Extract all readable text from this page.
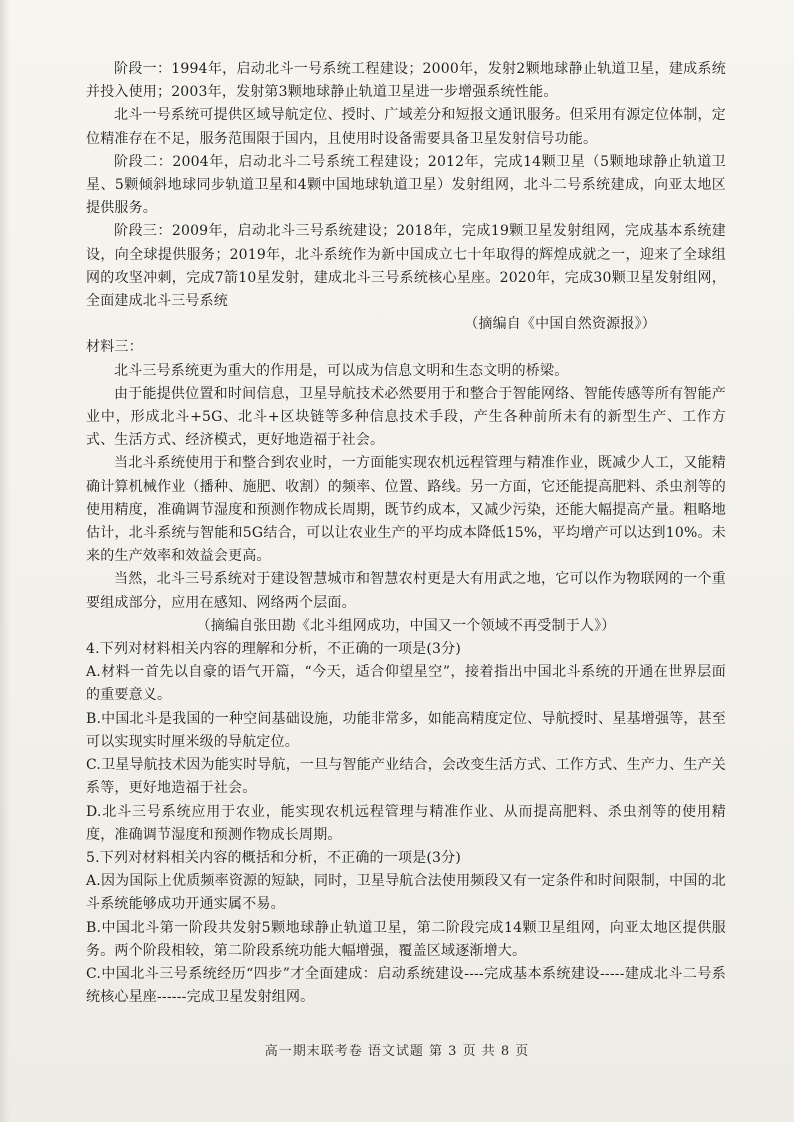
阶段一：1994年，启动北斗一号系统工程建设；2000年，发射2颗地球静止轨道卫星，建成系统并投入使用；2003年，发射第3颗地球静止轨道卫星进一步增强系统性能。

北斗一号系统可提供区域导航定位、授时、广域差分和短报文通讯服务。但采用有源定位体制，定位精准存在不足，服务范围限于国内，且使用时设备需要具备卫星发射信号功能。

阶段二：2004年，启动北斗二号系统工程建设；2012年，完成14颗卫星（5颗地球静止轨道卫星、5颗倾斜地球同步轨道卫星和4颗中国地球轨道卫星）发射组网，北斗二号系统建成，向亚太地区提供服务。

阶段三：2009年，启动北斗三号系统建设；2018年，完成19颗卫星发射组网，完成基本系统建设，向全球提供服务；2019年，北斗系统作为新中国成立七十年取得的辉煌成就之一，迎来了全球组网的攻坚冲刺，完成7箭10星发射，建成北斗三号系统核心星座。2020年，完成30颗卫星发射组网，全面建成北斗三号系统

（摘编自《中国自然资源报》）

材料三：

北斗三号系统更为重大的作用是，可以成为信息文明和生态文明的桥梁。

由于能提供位置和时间信息，卫星导航技术必然要用于和整合于智能网络、智能传感等所有智能产业中，形成北斗+5G、北斗+区块链等多种信息技术手段，产生各种前所未有的新型生产、工作方式、生活方式、经济模式，更好地造福于社会。

当北斗系统使用于和整合到农业时，一方面能实现农机远程管理与精准作业，既减少人工，又能精确计算机械作业（播种、施肥、收割）的频率、位置、路线。另一方面，它还能提高肥料、杀虫剂等的使用精度，准确调节湿度和预测作物成长周期，既节约成本，又减少污染，还能大幅提高产量。粗略地估计，北斗系统与智能和5G结合，可以让农业生产的平均成本降低15%，平均增产可以达到10%。未来的生产效率和效益会更高。

当然，北斗三号系统对于建设智慧城市和智慧农村更是大有用武之地，它可以作为物联网的一个重要组成部分，应用在感知、网络两个层面。

（摘编自张田勘《北斗组网成功，中国又一个领域不再受制于人》）

4.下列对材料相关内容的理解和分析，不正确的一项是(3分)

A.材料一首先以自豪的语气开篇，“今天，适合仰望星空”，接着指出中国北斗系统的开通在世界层面的重要意义。

B.中国北斗是我国的一种空间基础设施，功能非常多，如能高精度定位、导航授时、星基增强等，甚至可以实现实时厘米级的导航定位。

C.卫星导航技术因为能实时导航，一旦与智能产业结合，会改变生活方式、工作方式、生产力、生产关系等，更好地造福于社会。

D.北斗三号系统应用于农业，能实现农机远程管理与精准作业、从而提高肥料、杀虫剂等的使用精度，准确调节湿度和预测作物成长周期。

5.下列对材料相关内容的概括和分析，不正确的一项是(3分)

A.因为国际上优质频率资源的短缺，同时，卫星导航合法使用频段又有一定条件和时间限制，中国的北斗系统能够成功开通实属不易。

B.中国北斗第一阶段共发射5颗地球静止轨道卫星，第二阶段完成14颗卫星组网，向亚太地区提供服务。两个阶段相较，第二阶段系统功能大幅增强，覆盖区域逐渐增大。

C.中国北斗三号系统经历“四步”才全面建成：启动系统建设----完成基本系统建设-----建成北斗二号系统核心星座------完成卫星发射组网。

高一期末联考卷 语文试题 第 3 页 共 8 页
